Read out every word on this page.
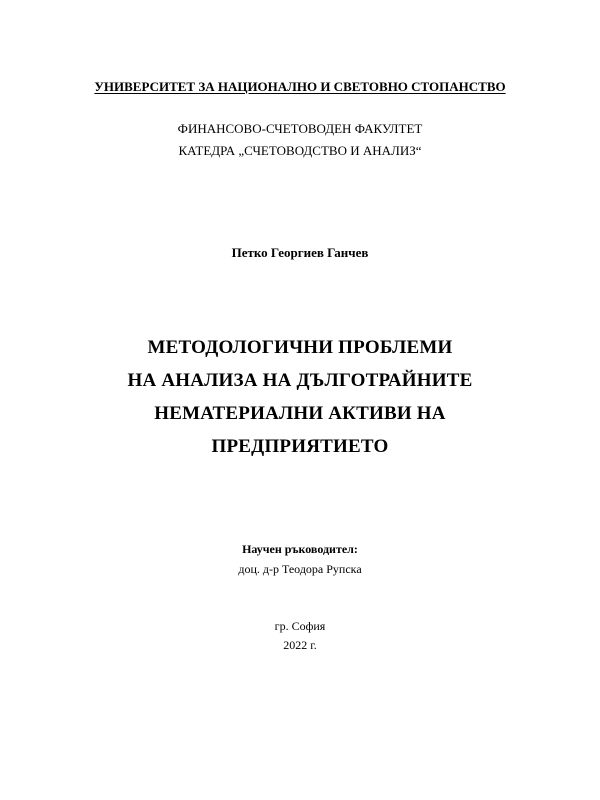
УНИВЕРСИТЕТ ЗА НАЦИОНАЛНО И СВЕТОВНО СТОПАНСТВО
ФИНАНСОВО-СЧЕТОВОДЕН ФАКУЛТЕТ
КАТЕДРА „СЧЕТОВОДСТВО И АНАЛИЗ“
Петко Георгиев Ганчев
МЕТОДОЛОГИЧНИ ПРОБЛЕМИ
НА АНАЛИЗА НА ДЪЛГОТРАЙНИТЕ
НЕМАТЕРИАЛНИ АКТИВИ НА
ПРЕДПРИЯТИЕТО
Научен ръководител:
доц. д-р Теодора Рупска
гр. София
2022 г.
